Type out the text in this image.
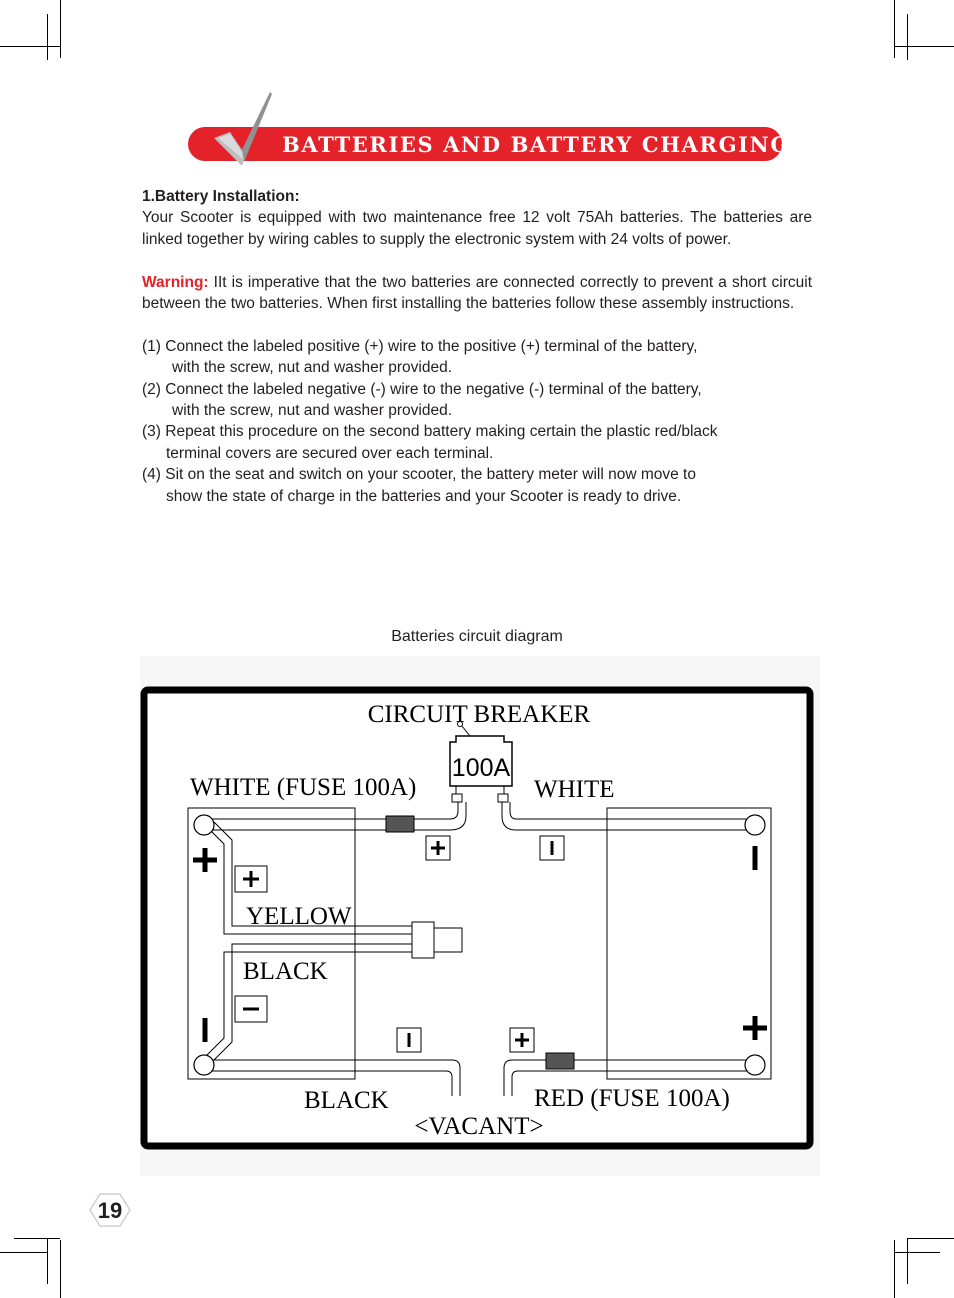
BATTERIES AND BATTERY CHARGING

1.Battery Installation:

Your Scooter is equipped with two maintenance free 12 volt 75Ah batteries. The batteries are linked together by wiring cables to supply the electronic system with 24 volts of power.

Warning: IIt is imperative that the two batteries are connected correctly to prevent a short circuit between the two batteries. When first installing the batteries follow these assembly instructions.

(1) Connect the labeled positive (+) wire to the positive (+) terminal of the battery,
with the screw, nut and washer provided.

(2) Connect the labeled negative (-) wire to the negative (-) terminal of the battery,
with the screw, nut and washer provided.

(3) Repeat this procedure on the second battery making certain the plastic red/black
terminal covers are secured over each terminal.

(4) Sit on the seat and switch on your scooter, the battery meter will now move to
show the state of charge in the batteries and your Scooter is ready to drive.

Batteries circuit diagram
CIRCUIT BREAKER
100A
WHITE (FUSE 100A)	WHITE
YELLOW
BLACK
BLACK	RED (FUSE 100A)
<VACANT>
19
